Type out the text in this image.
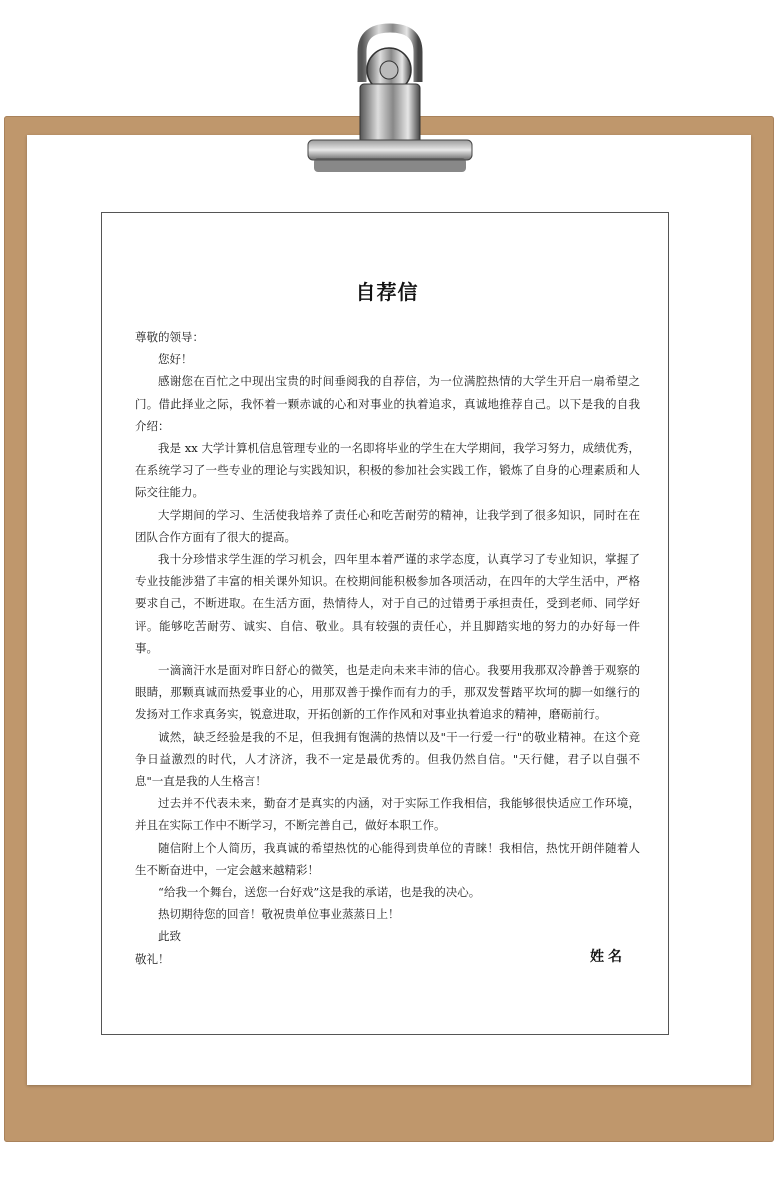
自荐信

尊敬的领导：

您好！

感谢您在百忙之中现出宝贵的时间垂阅我的自荐信，为一位满腔热情的大学生开启一扇希望之门。借此择业之际，我怀着一颗赤诚的心和对事业的执着追求，真诚地推荐自己。以下是我的自我介绍：

我是 xx 大学计算机信息管理专业的一名即将毕业的学生在大学期间，我学习努力，成绩优秀，在系统学习了一些专业的理论与实践知识，积极的参加社会实践工作，锻炼了自身的心理素质和人际交往能力。

大学期间的学习、生活使我培养了责任心和吃苦耐劳的精神，让我学到了很多知识，同时在在团队合作方面有了很大的提高。

我十分珍惜求学生涯的学习机会，四年里本着严谨的求学态度，认真学习了专业知识，掌握了专业技能涉猎了丰富的相关课外知识。在校期间能积极参加各项活动，在四年的大学生活中，严格要求自己，不断进取。在生活方面，热情待人，对于自己的过错勇于承担责任，受到老师、同学好评。能够吃苦耐劳、诚实、自信、敬业。具有较强的责任心，并且脚踏实地的努力的办好每一件事。

一滴滴汗水是面对昨日舒心的微笑，也是走向未来丰沛的信心。我要用我那双冷静善于观察的眼睛，那颗真诚而热爱事业的心，用那双善于操作而有力的手，那双发誓踏平坎坷的脚一如继行的发扬对工作求真务实，锐意进取，开拓创新的工作作风和对事业执着追求的精神，磨砺前行。

诚然，缺乏经验是我的不足，但我拥有饱满的热情以及"干一行爱一行"的敬业精神。在这个竞争日益激烈的时代，人才济济，我不一定是最优秀的。但我仍然自信。"天行健，君子以自强不息"一直是我的人生格言！

过去并不代表未来，勤奋才是真实的内涵，对于实际工作我相信，我能够很快适应工作环境，并且在实际工作中不断学习，不断完善自己，做好本职工作。

随信附上个人简历，我真诚的希望热忱的心能得到贵单位的青睐！我相信，热忱开朗伴随着人生不断奋进中，一定会越来越精彩！

“给我一个舞台，送您一台好戏”这是我的承诺，也是我的决心。

热切期待您的回音！敬祝贵单位事业蒸蒸日上！

此致

敬礼！	姓名
